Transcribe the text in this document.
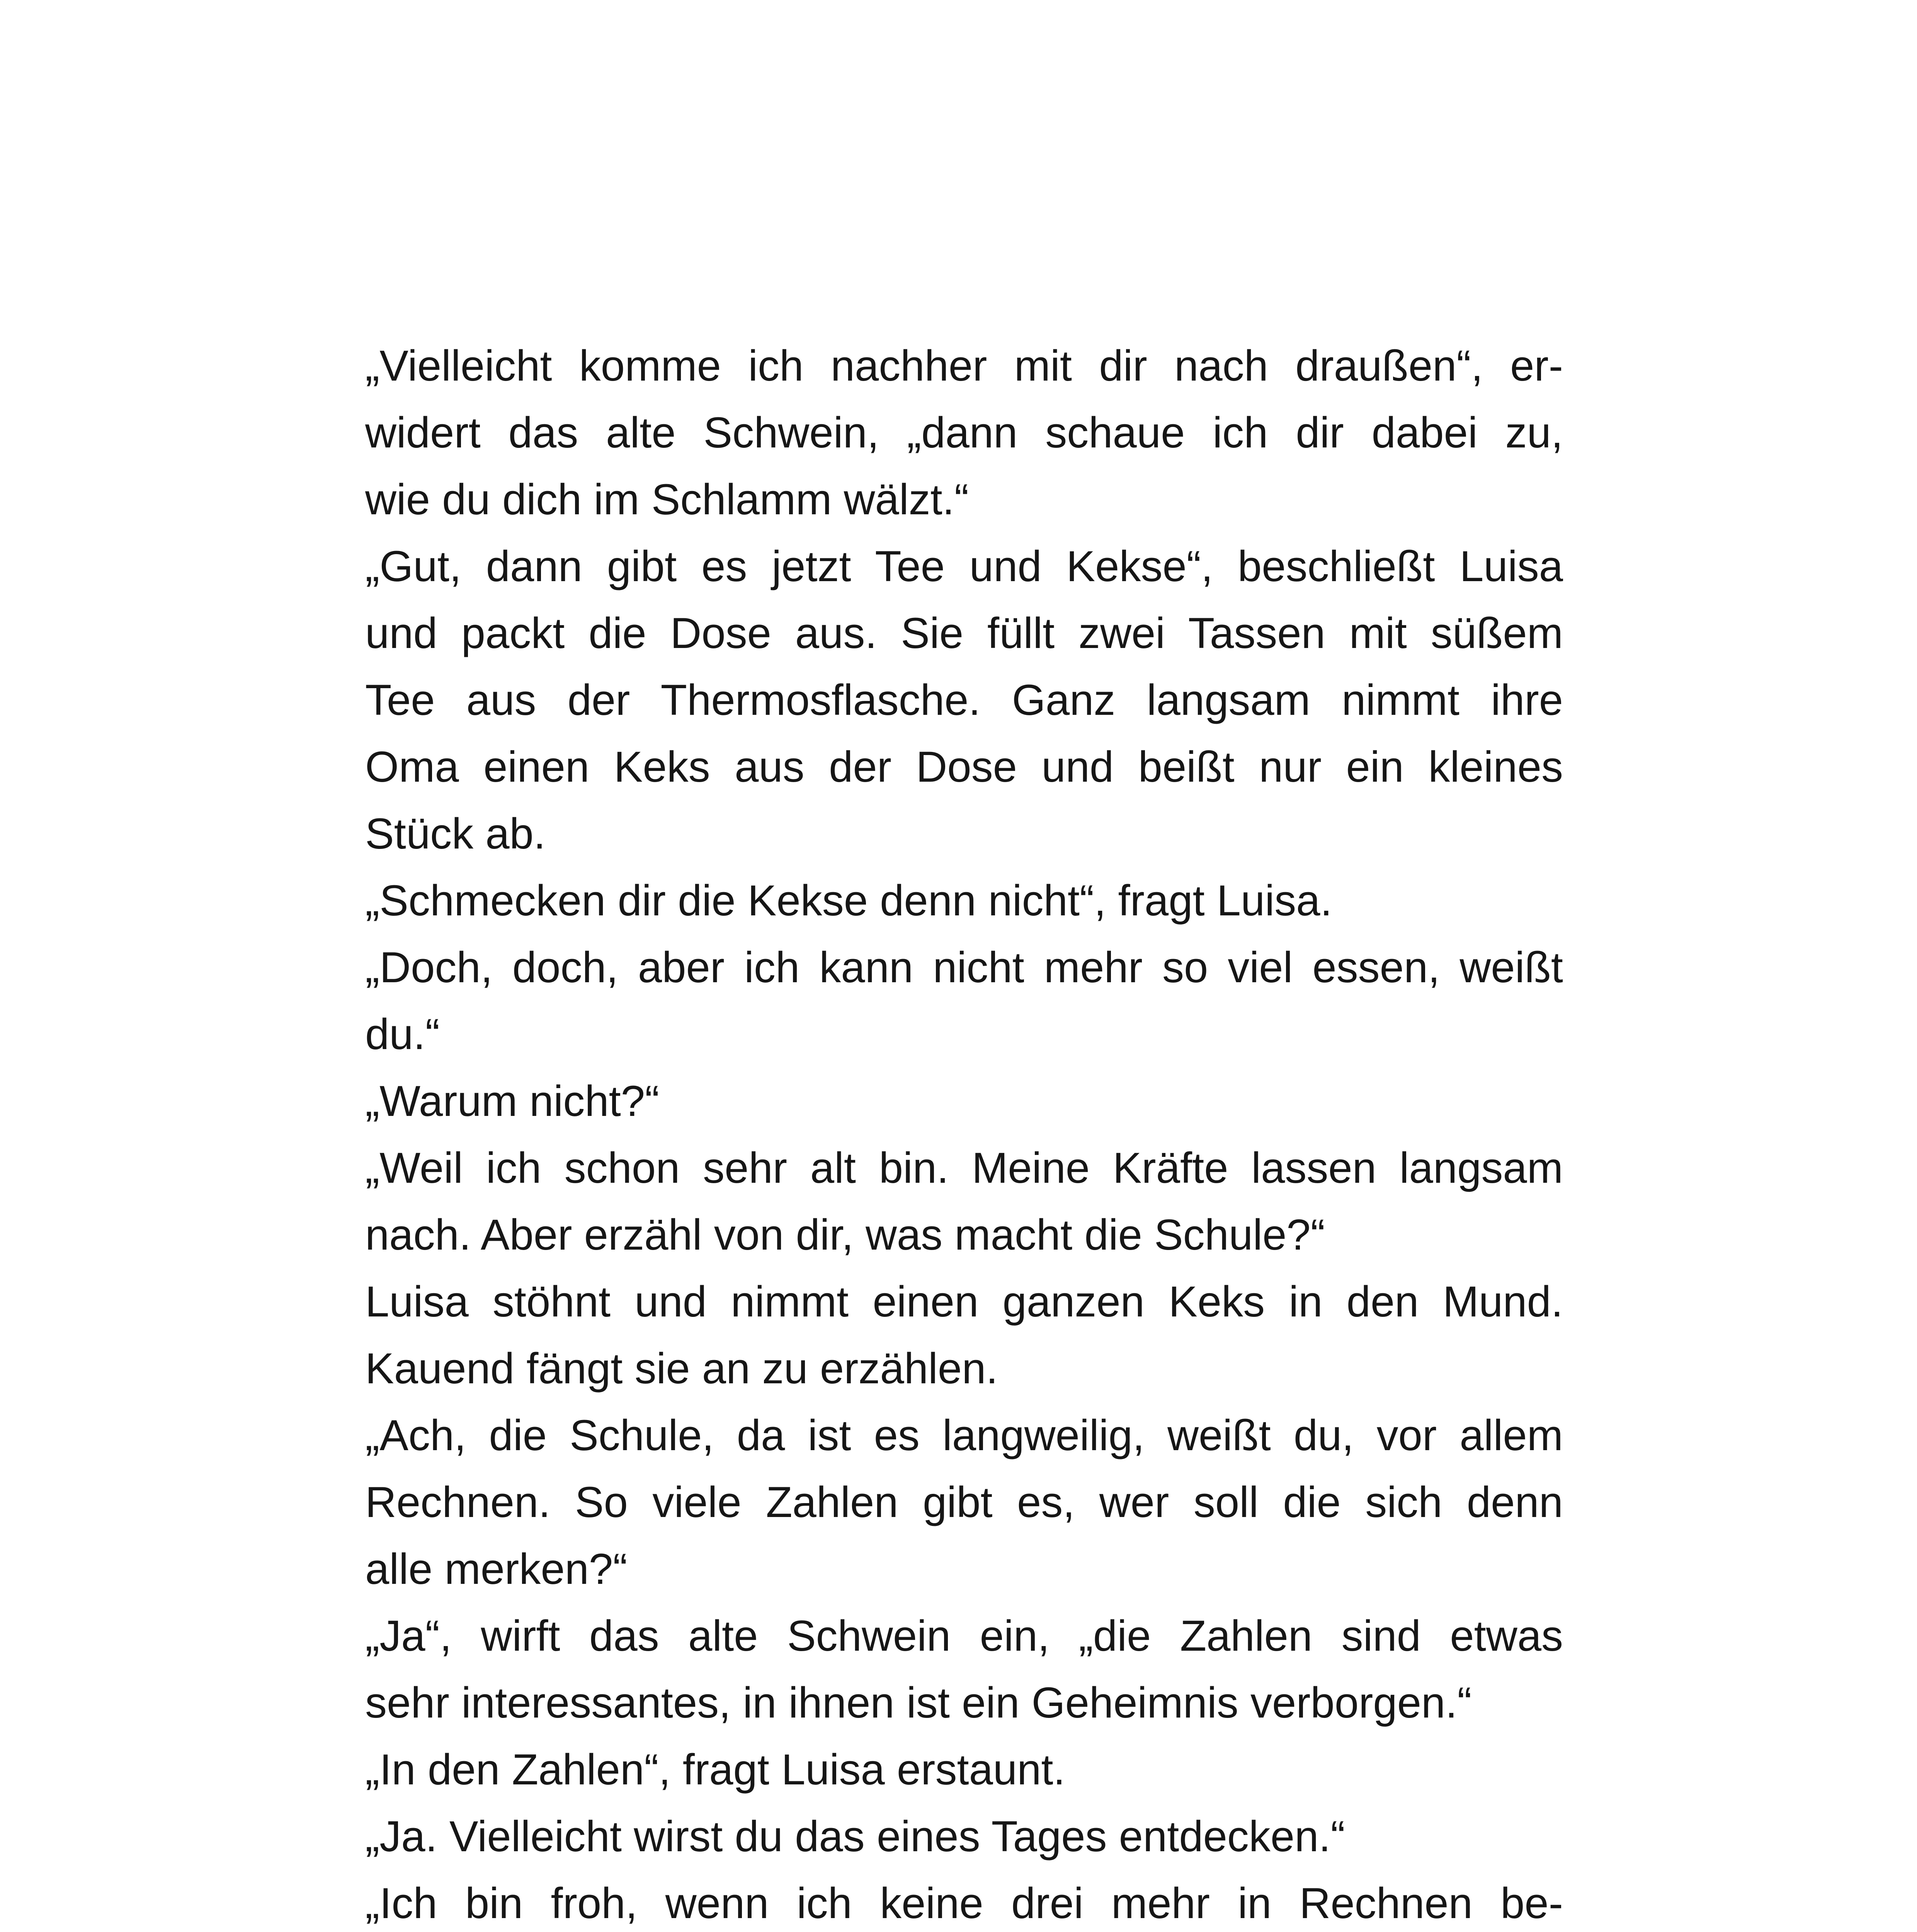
„Vielleicht komme ich nachher mit dir nach draußen“, er-
widert das alte Schwein, „dann schaue ich dir dabei zu,
wie du dich im Schlamm wälzt.“
„Gut, dann gibt es jetzt Tee und Kekse“, beschließt Luisa
und packt die Dose aus. Sie füllt zwei Tassen mit süßem
Tee aus der Thermosflasche. Ganz langsam nimmt ihre
Oma einen Keks aus der Dose und beißt nur ein kleines
Stück ab.
„Schmecken dir die Kekse denn nicht“, fragt Luisa.
„Doch, doch, aber ich kann nicht mehr so viel essen, weißt
du.“
„Warum nicht?“
„Weil ich schon sehr alt bin. Meine Kräfte lassen langsam
nach. Aber erzähl von dir, was macht die Schule?“
Luisa stöhnt und nimmt einen ganzen Keks in den Mund.
Kauend fängt sie an zu erzählen.
„Ach, die Schule, da ist es langweilig, weißt du, vor allem
Rechnen. So viele Zahlen gibt es, wer soll die sich denn
alle merken?“
„Ja“, wirft das alte Schwein ein, „die Zahlen sind etwas
sehr interessantes, in ihnen ist ein Geheimnis verborgen.“
„In den Zahlen“, fragt Luisa erstaunt.
„Ja. Vielleicht wirst du das eines Tages entdecken.“
„Ich bin froh, wenn ich keine drei mehr in Rechnen be-
